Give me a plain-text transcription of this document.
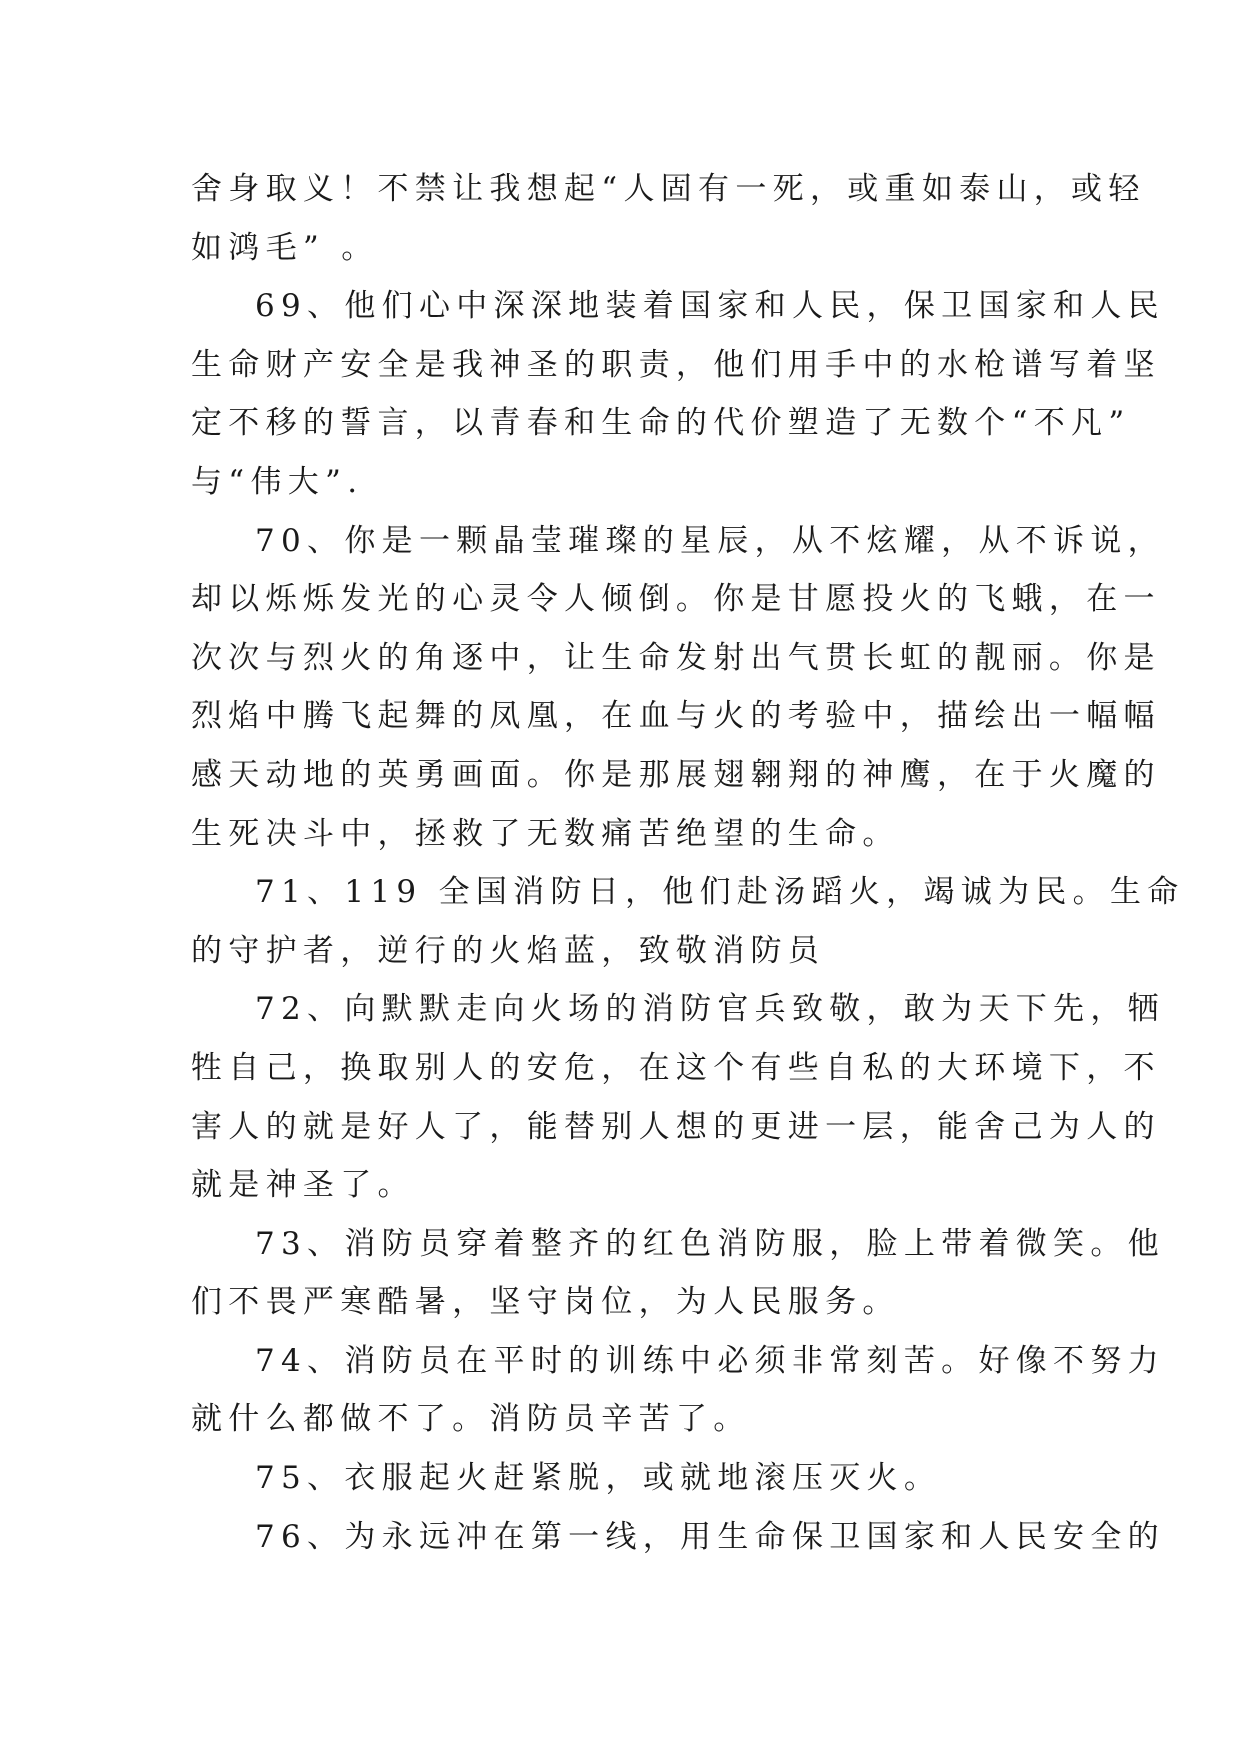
舍身取义！不禁让我想起“人固有一死，或重如泰山，或轻
如鸿毛” 。
69、他们心中深深地装着国家和人民，保卫国家和人民
生命财产安全是我神圣的职责，他们用手中的水枪谱写着坚
定不移的誓言，以青春和生命的代价塑造了无数个“不凡”
与“伟大”.
70、你是一颗晶莹璀璨的星辰，从不炫耀，从不诉说，
却以烁烁发光的心灵令人倾倒。你是甘愿投火的飞蛾，在一
次次与烈火的角逐中，让生命发射出气贯长虹的靓丽。你是
烈焰中腾飞起舞的凤凰，在血与火的考验中，描绘出一幅幅
感天动地的英勇画面。你是那展翅翱翔的神鹰，在于火魔的
生死决斗中，拯救了无数痛苦绝望的生命。
71、119 全国消防日，他们赴汤蹈火，竭诚为民。生命
的守护者，逆行的火焰蓝，致敬消防员
72、向默默走向火场的消防官兵致敬，敢为天下先，牺
牲自己，换取别人的安危，在这个有些自私的大环境下，不
害人的就是好人了，能替别人想的更进一层，能舍己为人的
就是神圣了。
73、消防员穿着整齐的红色消防服，脸上带着微笑。他
们不畏严寒酷暑，坚守岗位，为人民服务。
74、消防员在平时的训练中必须非常刻苦。好像不努力
就什么都做不了。消防员辛苦了。
75、衣服起火赶紧脱，或就地滚压灭火。
76、为永远冲在第一线，用生命保卫国家和人民安全的
